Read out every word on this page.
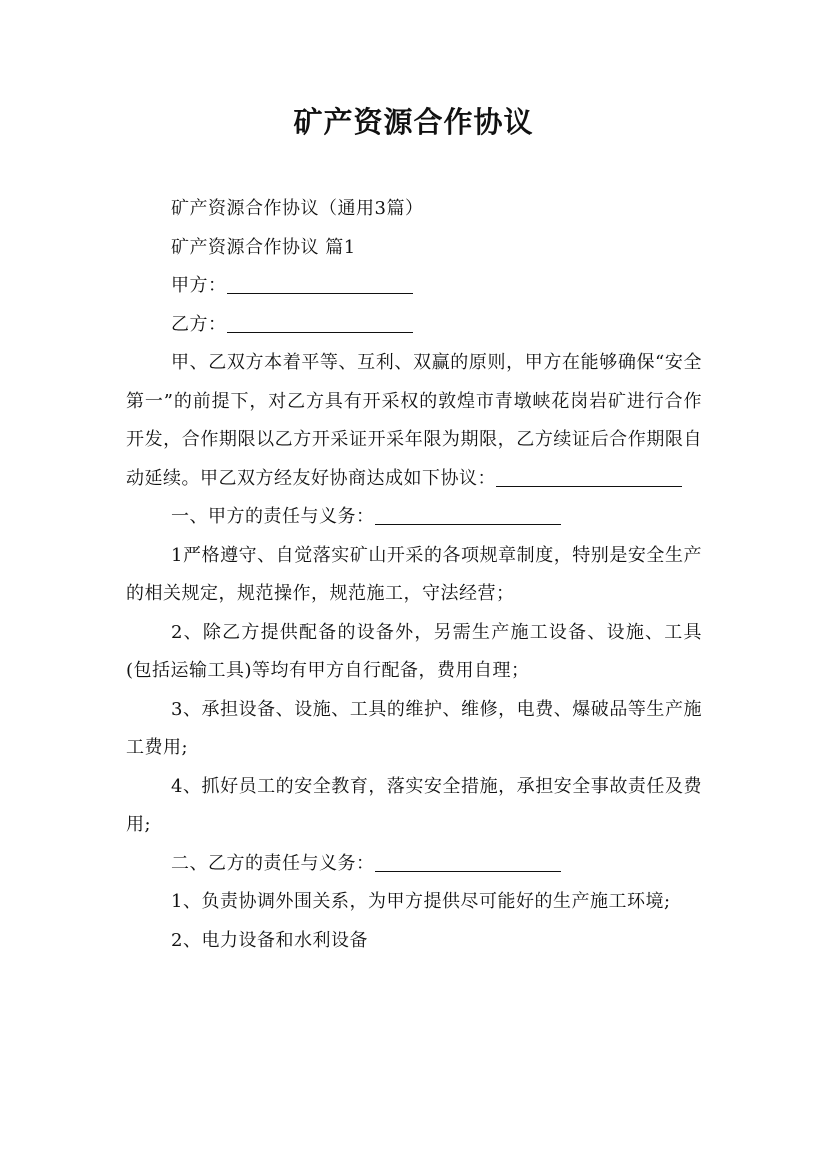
矿产资源合作协议

矿产资源合作协议（通用3篇）

矿产资源合作协议 篇1

甲方：

乙方：

甲、乙双方本着平等、互利、双赢的原则，甲方在能够确保“安全第一”的前提下，对乙方具有开采权的敦煌市青墩峡花岗岩矿进行合作开发，合作期限以乙方开采证开采年限为期限，乙方续证后合作期限自动延续。甲乙双方经友好协商达成如下协议：

一、甲方的责任与义务：

1严格遵守、自觉落实矿山开采的各项规章制度，特别是安全生产的相关规定，规范操作，规范施工，守法经营；

2、除乙方提供配备的设备外，另需生产施工设备、设施、工具(包括运输工具)等均有甲方自行配备，费用自理；

3、承担设备、设施、工具的维护、维修，电费、爆破品等生产施工费用;

4、抓好员工的安全教育，落实安全措施，承担安全事故责任及费用;

二、乙方的责任与义务：

1、负责协调外围关系，为甲方提供尽可能好的生产施工环境;

2、电力设备和水利设备
